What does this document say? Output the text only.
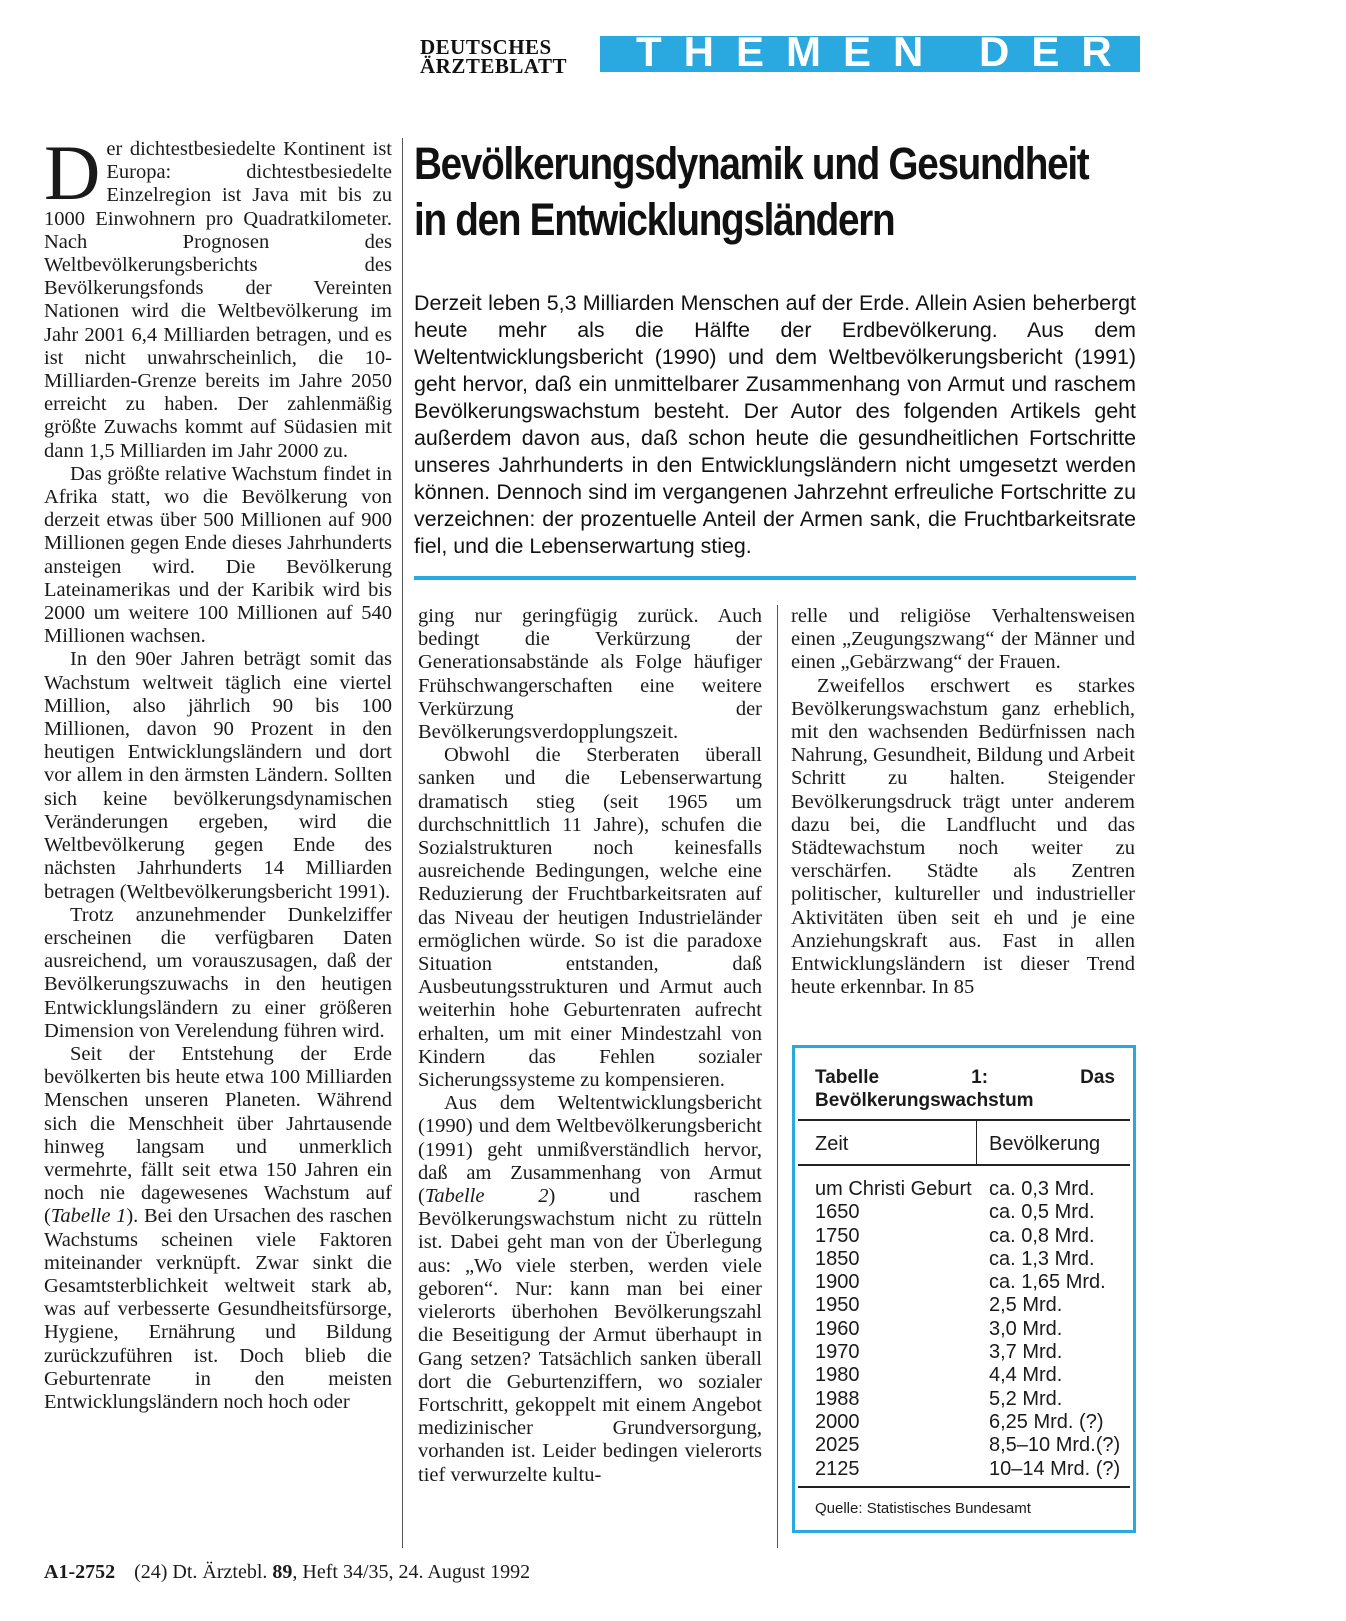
DEUTSCHES
ÄRZTEBLATT	THEMEN DER ZEIT
Bevölkerungsdynamik und Gesundheit
in den Entwicklungsländern
Derzeit leben 5,3 Milliarden Menschen auf der Erde. Allein Asien beherbergt heute mehr als die Hälfte der Erdbevölkerung. Aus dem Weltentwicklungsbericht (1990) und dem Weltbevölkerungsbericht (1991) geht hervor, daß ein unmittelbarer Zusammenhang von Armut und raschem Bevölkerungswachstum besteht. Der Autor des folgenden Artikels geht außerdem davon aus, daß schon heute die gesundheitlichen Fortschritte unseres Jahrhunderts in den Entwicklungsländern nicht umgesetzt werden können. Dennoch sind im vergangenen Jahrzehnt erfreuliche Fortschritte zu verzeichnen: der prozentuelle Anteil der Armen sank, die Fruchtbarkeitsrate fiel, und die Lebenserwartung stieg.

Der dichtestbesiedelte Kontinent ist Europa: dichtestbesiedelte Einzelregion ist Java mit bis zu 1000 Einwohnern pro Quadratkilometer. Nach Prognosen des Weltbevölkerungsberichts des Bevölkerungsfonds der Vereinten Nationen wird die Weltbevölkerung im Jahr 2001 6,4 Milliarden betragen, und es ist nicht unwahrscheinlich, die 10-Milliarden-Grenze bereits im Jahre 2050 erreicht zu haben. Der zahlenmäßig größte Zuwachs kommt auf Südasien mit dann 1,5 Milliarden im Jahr 2000 zu.

Das größte relative Wachstum findet in Afrika statt, wo die Bevölkerung von derzeit etwas über 500 Millionen auf 900 Millionen gegen Ende dieses Jahrhunderts ansteigen wird. Die Bevölkerung Lateinamerikas und der Karibik wird bis 2000 um weitere 100 Millionen auf 540 Millionen wachsen.

In den 90er Jahren beträgt somit das Wachstum weltweit täglich eine viertel Million, also jährlich 90 bis 100 Millionen, davon 90 Prozent in den heutigen Entwicklungsländern und dort vor allem in den ärmsten Ländern. Sollten sich keine bevölkerungsdynamischen Veränderungen ergeben, wird die Weltbevölkerung gegen Ende des nächsten Jahrhunderts 14 Milliarden betragen (Weltbevölkerungsbericht 1991).

Trotz anzunehmender Dunkelziffer erscheinen die verfügbaren Daten ausreichend, um vorauszusagen, daß der Bevölkerungszuwachs in den heutigen Entwicklungsländern zu einer größeren Dimension von Verelendung führen wird.

Seit der Entstehung der Erde bevölkerten bis heute etwa 100 Milliarden Menschen unseren Planeten. Während sich die Menschheit über Jahrtausende hinweg langsam und unmerklich vermehrte, fällt seit etwa 150 Jahren ein noch nie dagewesenes Wachstum auf (Tabelle 1). Bei den Ursachen des raschen Wachstums scheinen viele Faktoren miteinander verknüpft. Zwar sinkt die Gesamtsterblichkeit weltweit stark ab, was auf verbesserte Gesundheitsfürsorge, Hygiene, Ernährung und Bildung zurückzuführen ist. Doch blieb die Geburtenrate in den meisten Entwicklungsländern noch hoch oder

ging nur geringfügig zurück. Auch bedingt die Verkürzung der Generationsabstände als Folge häufiger Frühschwangerschaften eine weitere Verkürzung der Bevölkerungsverdopplungszeit.

Obwohl die Sterberaten überall sanken und die Lebenserwartung dramatisch stieg (seit 1965 um durchschnittlich 11 Jahre), schufen die Sozialstrukturen noch keinesfalls ausreichende Bedingungen, welche eine Reduzierung der Fruchtbarkeitsraten auf das Niveau der heutigen Industrieländer ermöglichen würde. So ist die paradoxe Situation entstanden, daß Ausbeutungsstrukturen und Armut auch weiterhin hohe Geburtenraten aufrecht erhalten, um mit einer Mindestzahl von Kindern das Fehlen sozialer Sicherungssysteme zu kompensieren.

Aus dem Weltentwicklungsbericht (1990) und dem Weltbevölkerungsbericht (1991) geht unmißverständlich hervor, daß am Zusammenhang von Armut (Tabelle 2) und raschem Bevölkerungswachstum nicht zu rütteln ist. Dabei geht man von der Überlegung aus: „Wo viele sterben, werden viele geboren“. Nur: kann man bei einer vielerorts überhohen Bevölkerungszahl die Beseitigung der Armut überhaupt in Gang setzen? Tatsächlich sanken überall dort die Geburtenziffern, wo sozialer Fortschritt, gekoppelt mit einem Angebot medizinischer Grundversorgung, vorhanden ist. Leider bedingen vielerorts tief verwurzelte kultu-

relle und religiöse Verhaltensweisen einen „Zeugungszwang“ der Männer und einen „Gebärzwang“ der Frauen.

Zweifellos erschwert es starkes Bevölkerungswachstum ganz erheblich, mit den wachsenden Bedürfnissen nach Nahrung, Gesundheit, Bildung und Arbeit Schritt zu halten. Steigender Bevölkerungsdruck trägt unter anderem dazu bei, die Landflucht und das Städtewachstum noch weiter zu verschärfen. Städte als Zentren politischer, kultureller und industrieller Aktivitäten üben seit eh und je eine Anziehungskraft aus. Fast in allen Entwicklungsländern ist dieser Trend heute erkennbar. In 85

Tabelle 1: Das Bevölkerungswachstum
Zeit	Bevölkerung
um Christi Geburt ca. 0,3 Mrd.
1650	ca. 0,5 Mrd.
1750	ca. 0,8 Mrd.
1850	ca. 1,3 Mrd.
1900	ca. 1,65 Mrd.
1950	2,5 Mrd.
1960	3,0 Mrd.
1970	3,7 Mrd.
1980	4,4 Mrd.
1988	5,2 Mrd.
2000	6,25 Mrd. (?)
2025	8,5–10 Mrd.(?)
2125	10–14 Mrd. (?)
Quelle: Statistisches Bundesamt
A1-2752 (24) Dt. Ärztebl. 89, Heft 34/35, 24. August 1992
